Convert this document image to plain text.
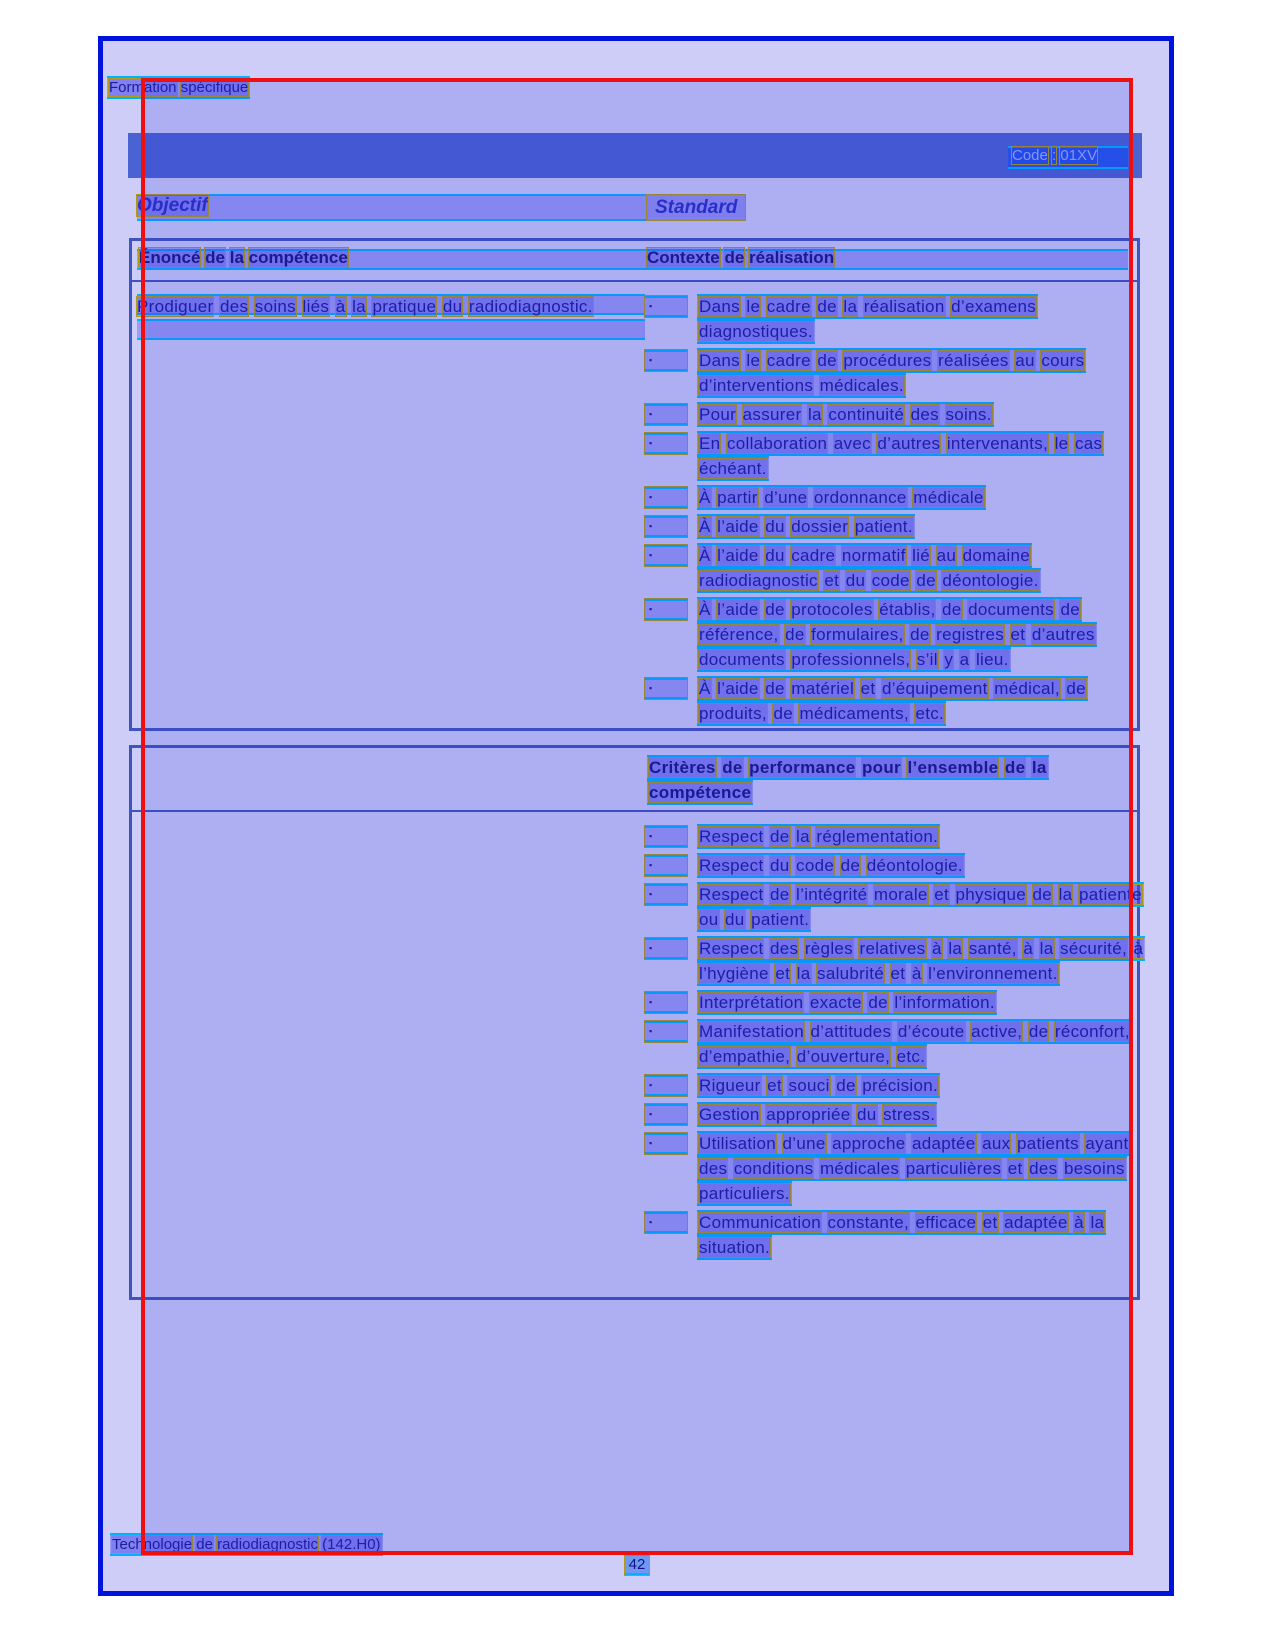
Formation spécifique
Code : 01XV
Objectif	Standard
Énoncé de la compétence	Contexte de réalisation
Prodiguer des soins liés à la pratique du radiodiagnostic. ▪	Dans le cadre de la réalisation d’examens diagnostiques.
▪
Dans le cadre de procédures réalisées au cours d’interventions médicales.
▪
Pour assurer la continuité des soins.
▪
En collaboration avec d’autres intervenants, le cas échéant.
▪
À partir d’une ordonnance médicale
▪
À l’aide du dossier patient.
▪
À l’aide du cadre normatif lié au domaine radiodiagnostic et du code de déontologie.
▪
À l’aide de protocoles établis, de documents de référence, de formulaires, de registres et d’autres documents professionnels, s’il y a lieu.
▪
À l’aide de matériel et d’équipement médical, de produits, de médicaments, etc.
Critères de performance pour l’ensemble de la compétence
▪
Respect de la réglementation.
▪
Respect du code de déontologie.
▪
Respect de l’intégrité morale et physique de la patiente ou du patient.
▪
Respect des règles relatives à la santé, à la sécurité, à l’hygiène et la salubrité et à l’environnement.
▪
Interprétation exacte de l’information.
▪
Manifestation d’attitudes d’écoute active, de réconfort, d’empathie, d’ouverture, etc.
▪
Rigueur et souci de précision.
▪
Gestion appropriée du stress.
▪
Utilisation d’une approche adaptée aux patients ayant des conditions médicales particulières et des besoins particuliers.
▪
Communication constante, efficace et adaptée à la situation.
Technologie de radiodiagnostic (142.H0)
42
